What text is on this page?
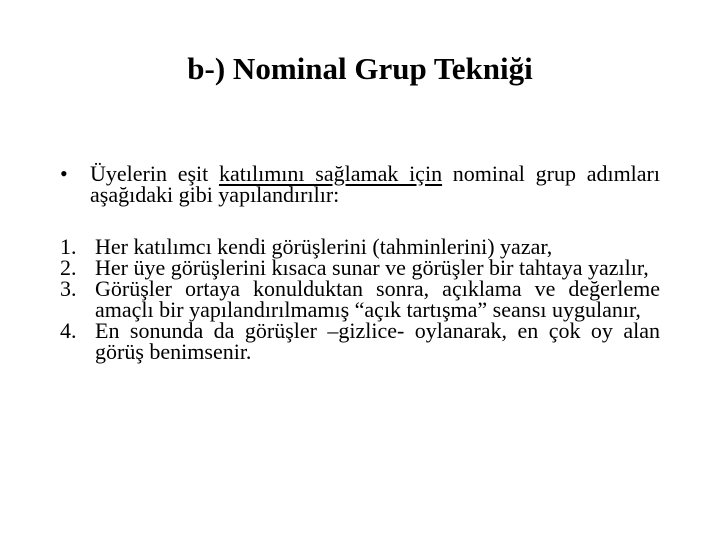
b-) Nominal Grup Tekniği
•	Üyelerin eşit katılımını sağlamak için nominal grup adımları aşağıdaki gibi yapılandırılır:
1. Her katılımcı kendi görüşlerini (tahminlerini) yazar,
2. Her üye görüşlerini kısaca sunar ve görüşler bir tahtaya yazılır,
3. Görüşler ortaya konulduktan sonra, açıklama ve değerleme amaçlı bir yapılandırılmamış “açık tartışma” seansı uygulanır,
4. En sonunda da görüşler –gizlice- oylanarak, en çok oy alan görüş benimsenir.
